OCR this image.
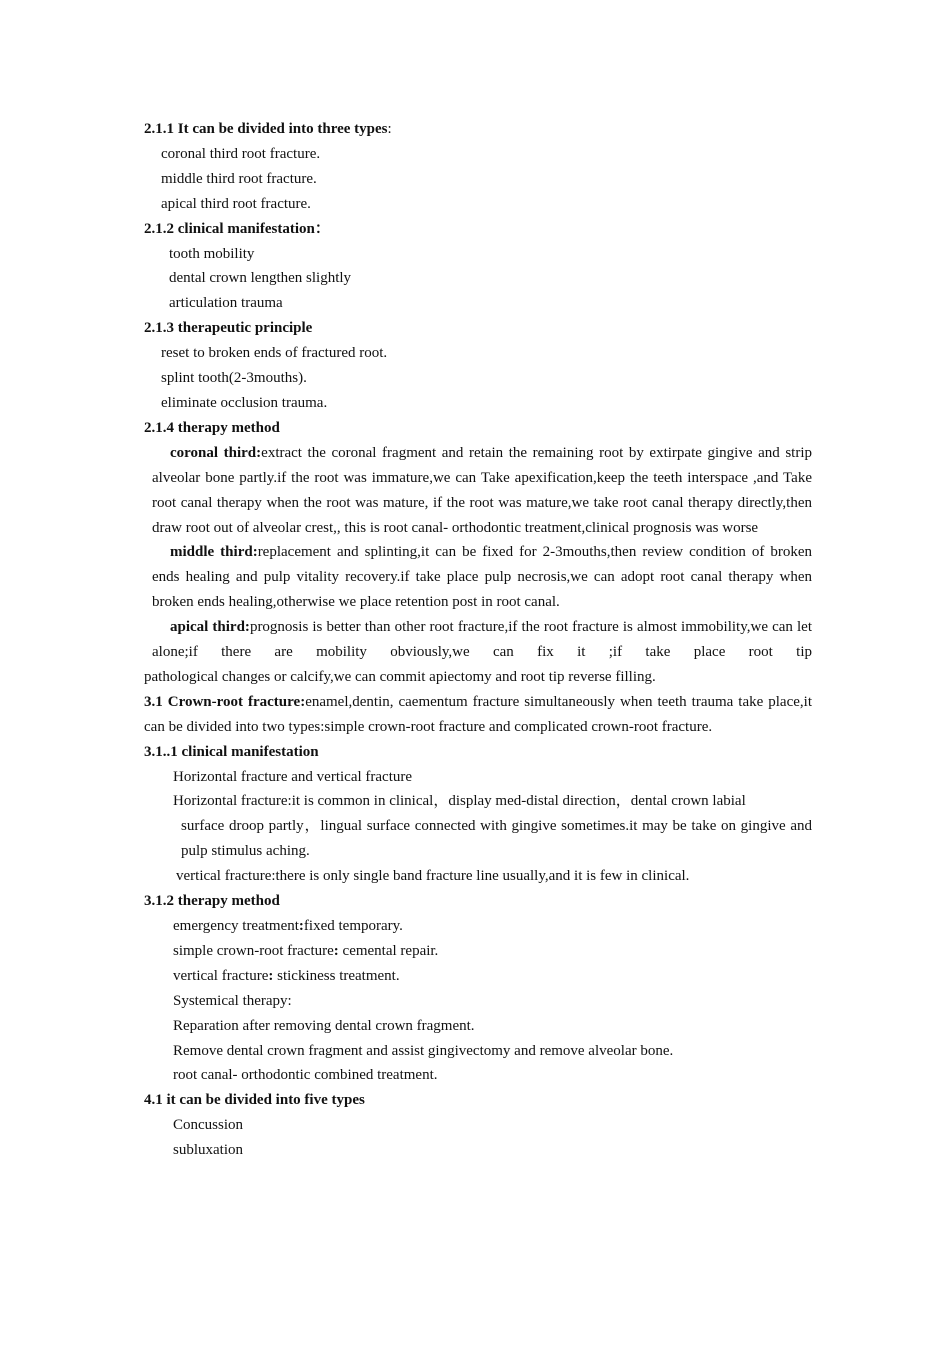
2.1.1 It can be divided into three types:
coronal third root fracture.
middle third root fracture.
apical third root fracture.
2.1.2 clinical manifestation：
tooth mobility
dental crown lengthen slightly
articulation trauma
2.1.3 therapeutic principle
reset to broken ends of fractured root.
splint tooth(2-3mouths).
eliminate occlusion trauma.
2.1.4 therapy method
coronal third:extract the coronal fragment and retain the remaining root by extirpate gingive and strip alveolar bone partly.if the root was immature,we can Take apexification,keep the teeth interspace ,and Take root canal therapy when the root was mature, if the root was mature,we take root canal therapy directly,then draw root out of alveolar crest,, this is root canal- orthodontic treatment,clinical prognosis was worse
middle third:replacement and splinting,it can be fixed for 2-3mouths,then review condition of broken ends healing and pulp vitality recovery.if take place pulp necrosis,we can adopt root canal therapy when broken ends healing,otherwise we place retention post in root canal.
apical third:prognosis is better than other root fracture,if the root fracture is almost immobility,we can let alone;if there are mobility obviously,we can fix it ;if take place root tip
pathological changes or calcify,we can commit apiectomy and root tip reverse filling.
3.1 Crown-root fracture:enamel,dentin, caementum fracture simultaneously when teeth trauma take place,it can be divided into two types:simple crown-root fracture and complicated crown-root fracture.
3.1..1 clinical manifestation
Horizontal fracture and vertical fracture
Horizontal fracture:it is common in clinical，display med-distal direction，dental crown labial
surface droop partly，lingual surface connected with gingive sometimes.it may be take on gingive and pulp stimulus aching.
vertical fracture:there is only single band fracture line usually,and it is few in clinical.
3.1.2 therapy method
emergency treatment:fixed temporary.
simple crown-root fracture: cemental repair.
vertical fracture: stickiness treatment.
Systemical therapy:
Reparation after removing dental crown fragment.
Remove dental crown fragment and assist gingivectomy and remove alveolar bone.
root canal- orthodontic combined treatment.
4.1 it can be divided into five types
Concussion
subluxation
